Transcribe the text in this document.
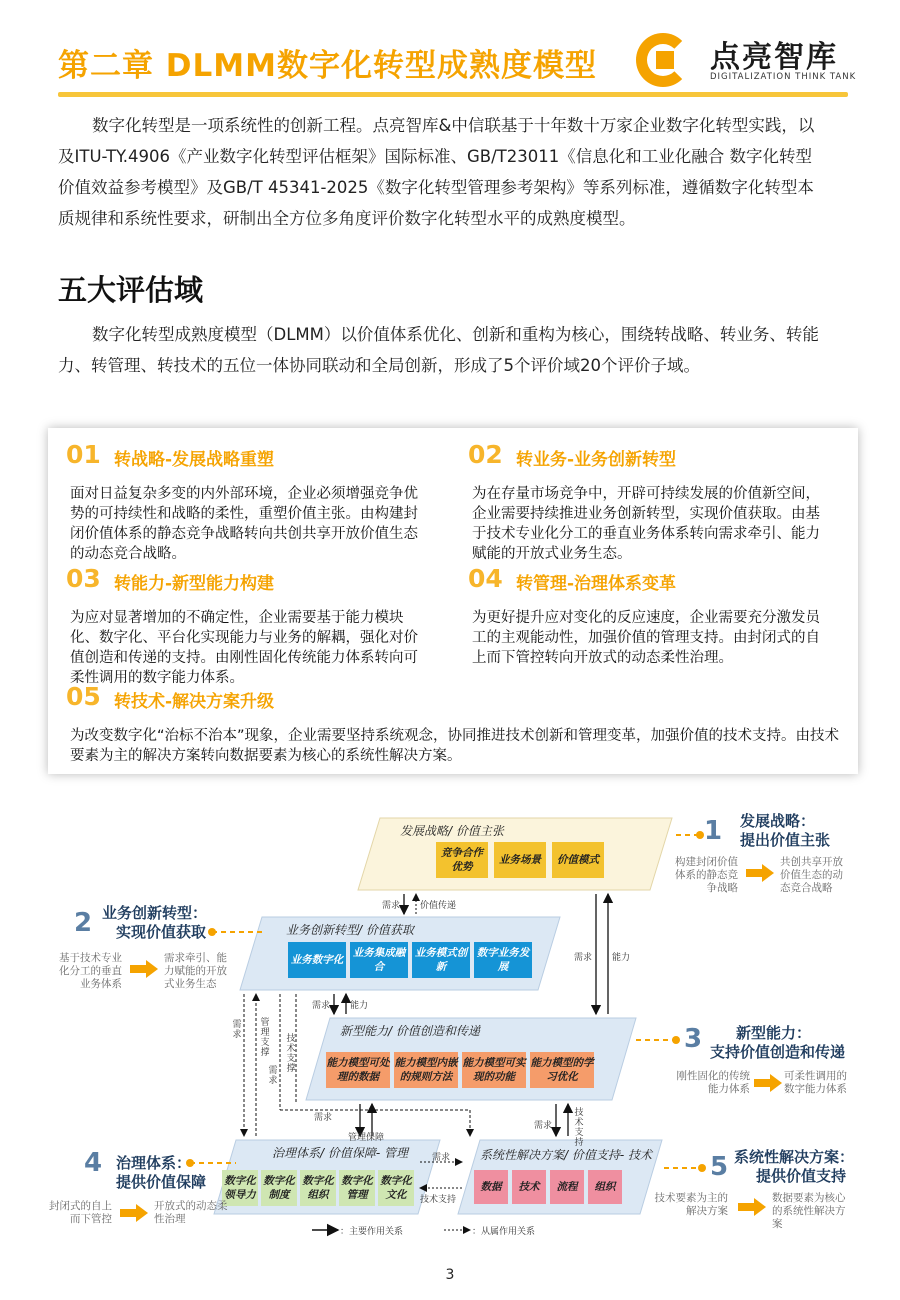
第二章 DLMM数字化转型成熟度模型	点亮智库
DIGITALIZATION THINK TANK

数字化转型是一项系统性的创新工程。点亮智库&中信联基于十年数十万家企业数字化转型实践，以及ITU-TY.4906《产业数字化转型评估框架》国际标准、GB/T23011《信息化和工业化融合 数字化转型 价值效益参考模型》及GB/T 45341-2025《数字化转型管理参考架构》等系列标准，遵循数字化转型本质规律和系统性要求，研制出全方位多角度评价数字化转型水平的成熟度模型。

五大评估域

数字化转型成熟度模型（DLMM）以价值体系优化、创新和重构为核心，围绕转战略、转业务、转能力、转管理、转技术的五位一体协同联动和全局创新，形成了5个评价域20个评价子域。

01 转战略-发展战略重塑

面对日益复杂多变的内外部环境，企业必须增强竞争优势的可持续性和战略的柔性，重塑价值主张。由构建封闭价值体系的静态竞争战略转向共创共享开放价值生态的动态竞合战略。

02 转业务-业务创新转型

为在存量市场竞争中，开辟可持续发展的价值新空间，企业需要持续推进业务创新转型，实现价值获取。由基于技术专业化分工的垂直业务体系转向需求牵引、能力赋能的开放式业务生态。

03 转能力-新型能力构建

为应对显著增加的不确定性，企业需要基于能力模块化、数字化、平台化实现能力与业务的解耦，强化对价值创造和传递的支持。由刚性固化传统能力体系转向可柔性调用的数字能力体系。

04 转管理-治理体系变革

为更好提升应对变化的反应速度，企业需要充分激发员工的主观能动性，加强价值的管理支持。由封闭式的自上而下管控转向开放式的动态柔性治理。

05 转技术-解决方案升级

为改变数字化“治标不治本”现象，企业需要坚持系统观念，协同推进技术创新和管理变革，加强价值的技术支持。由技术要素为主的解决方案转向数据要素为核心的系统性解决方案。

发展战略/ 价值主张
业务创新转型/ 价值获取
新型能力/ 价值创造和传递
治理体系/ 价值保障- 管理	系统性解决方案/ 价值支持- 技术
竞争合作优势
业务场景	价值模式
业务数字化
业务集成融合
业务模式创新
数字业务发展
能力模型可处理的数据
能力模型内嵌的规则方法
能力模型可实现的功能
能力模型的学习优化
数字化领导力
数字化制度
数字化组织
数字化管理
数字化文化
数据	技术	流程	组织
需求 价值传递
需求 能力
需求 能力
需求
管理支撑
技术支撑
需求
需求
管理保障
需求
技术支持
需求
技术支持
：主要作用关系	：从属作用关系
1 发展战略：
提出价值主张
构建封闭价值体系的静态竞争战略
共创共享开放价值生态的动态竞合战略
2 业务创新转型：
实现价值获取
基于技术专业化分工的垂直业务体系
需求牵引、能力赋能的开放式业务生态
3	新型能力：
支持价值创造和传递
刚性固化的传统能力体系
可柔性调用的数字能力体系
4 治理体系：
提供价值保障
封闭式的自上而下管控
开放式的动态柔性治理
5 系统性解决方案：
提供价值支持
技术要素为主的解决方案
数据要素为核心的系统性解决方案
3
